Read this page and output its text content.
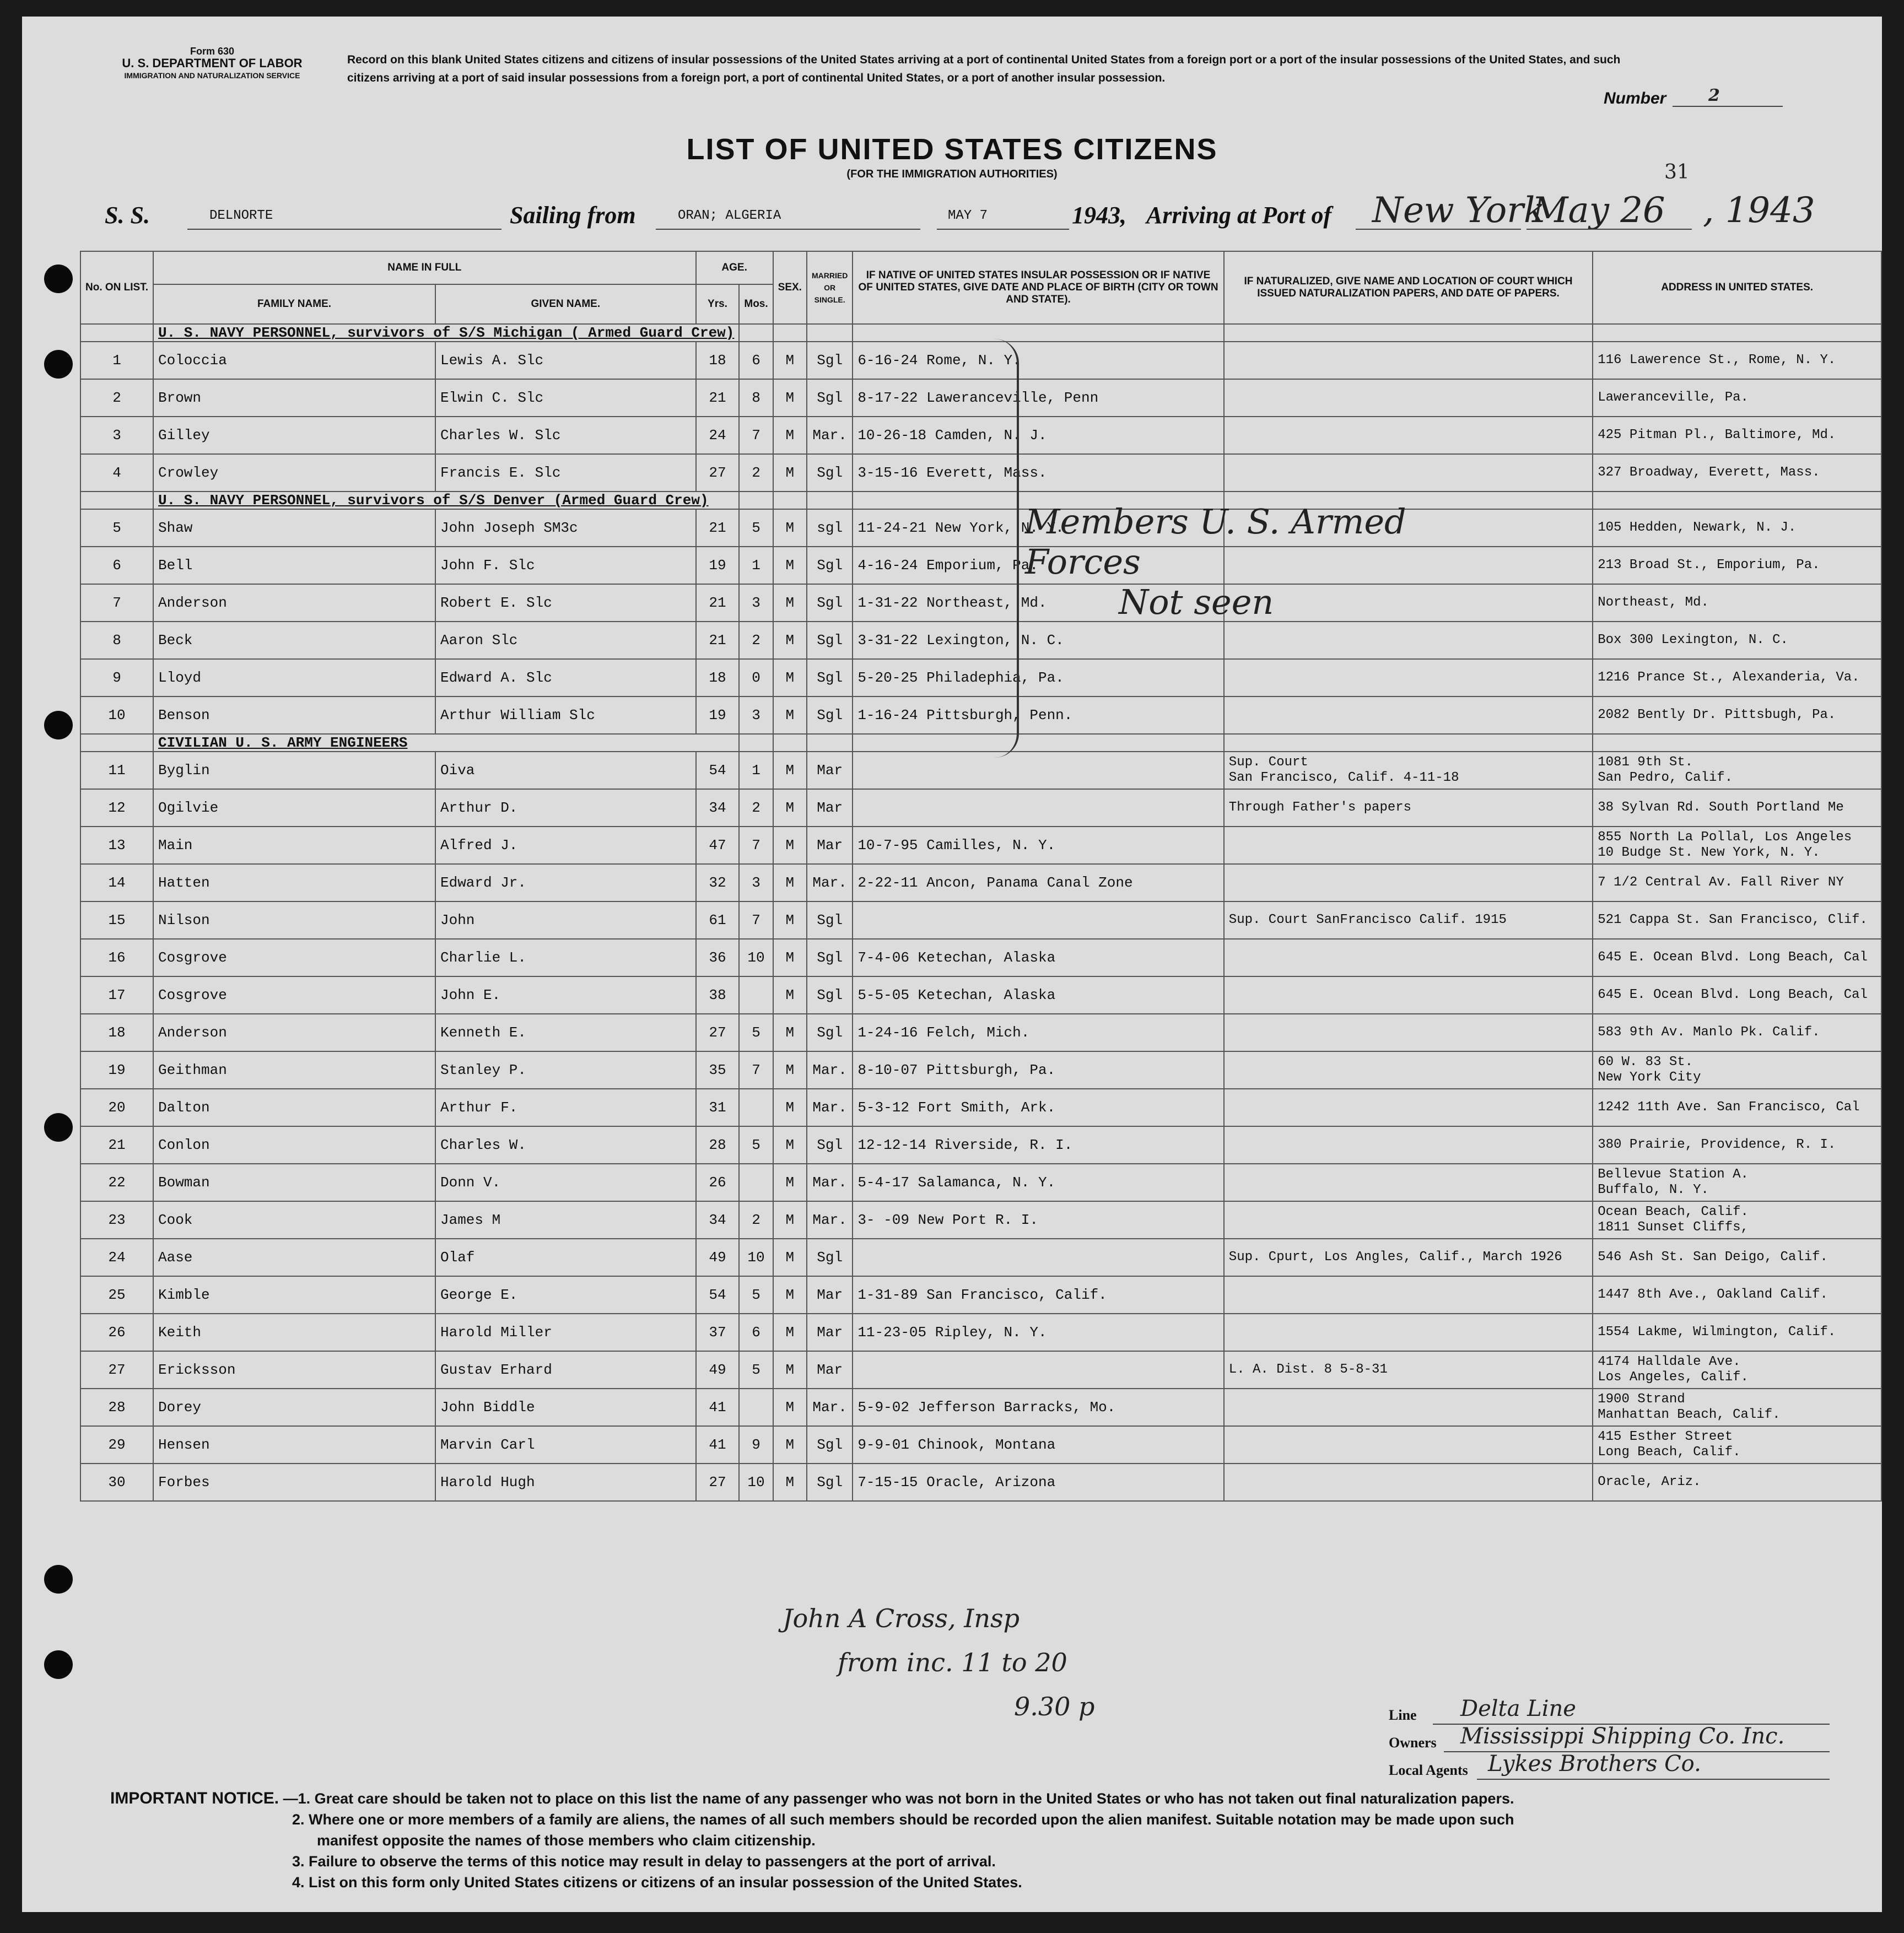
Form 630
U. S. DEPARTMENT OF LABOR
IMMIGRATION AND NATURALIZATION SERVICE
Record on this blank United States citizens and citizens of insular possessions of the United States arriving at a port of continental United States from a foreign port or a port of the insular possessions of the United States, and such citizens arriving at a port of said insular possessions from a foreign port, a port of continental United States, or a port of another insular possession.
Number	2
LIST OF UNITED STATES CITIZENS
(FOR THE IMMIGRATION AUTHORITIES)
S. S.	DELNORTE	Sailing from	ORAN; ALGERIA	MAY 7	1943, Arriving at Port of New York
May 26
31
, 1943
No. ON LIST.	NAME IN FULL		AGE.		SEX.	MARRIED OR SINGLE.	IF NATIVE OF UNITED STATES INSULAR POSSESSION OR IF NATIVE OF UNITED STATES, GIVE DATE AND PLACE OF BIRTH (CITY OR TOWN AND STATE).	IF NATURALIZED, GIVE NAME AND LOCATION OF COURT WHICH ISSUED NATURALIZATION PAPERS, AND DATE OF PAPERS.	ADDRESS IN UNITED STATES.
	FAMILY NAME.	GIVEN NAME.	Yrs.	Mos.					
	U. S. NAVY PERSONNEL, survivors of S/S Michigan ( Armed Guard Crew)								
1	Coloccia	Lewis A. Slc	18	6	M	Sgl	6-16-24 Rome, N. Y.		116 Lawerence St., Rome, N. Y.
2	Brown	Elwin C. Slc	21	8	M	Sgl	8-17-22 Laweranceville, Penn		Laweranceville, Pa.
3	Gilley	Charles W. Slc	24	7	M	Mar.	10-26-18 Camden, N. J.		425 Pitman Pl., Baltimore, Md.
4	Crowley	Francis E. Slc	27	2	M	Sgl	3-15-16 Everett, Mass.		327 Broadway, Everett, Mass.
	U. S. NAVY PERSONNEL, survivors of S/S Denver (Armed Guard Crew)								
5	Shaw	John Joseph SM3c	21	5	M	sgl	11-24-21 New York, N. Y.		105 Hedden, Newark, N. J.
6	Bell	John F. Slc	19	1	M	Sgl	4-16-24 Emporium, Pa.		213 Broad St., Emporium, Pa.
7	Anderson	Robert E. Slc	21	3	M	Sgl	1-31-22 Northeast, Md.		Northeast, Md.
8	Beck	Aaron Slc	21	2	M	Sgl	3-31-22 Lexington, N. C.		Box 300 Lexington, N. C.
9	Lloyd	Edward A. Slc	18	0	M	Sgl	5-20-25 Philadephia, Pa.		1216 Prance St., Alexanderia, Va.
10	Benson	Arthur William Slc	19	3	M	Sgl	1-16-24 Pittsburgh, Penn.		2082 Bently Dr. Pittsbugh, Pa.
	CIVILIAN U. S. ARMY ENGINEERS								
11	Byglin	Oiva	54	1	M	Mar		Sup. Court
San Francisco, Calif. 4-11-18	1081 9th St.
San Pedro, Calif.
12	Ogilvie	Arthur D.	34	2	M	Mar		Through Father's papers	38 Sylvan Rd. South Portland Me
13	Main	Alfred J.	47	7	M	Mar	10-7-95 Camilles, N. Y.		855 North La Pollal, Los Angeles
10 Budge St. New York, N. Y.
14	Hatten	Edward Jr.	32	3	M	Mar.	2-22-11 Ancon, Panama Canal Zone		7 1/2 Central Av. Fall River NY
15	Nilson	John	61	7	M	Sgl		Sup. Court SanFrancisco Calif. 1915	521 Cappa St. San Francisco, Clif.
16	Cosgrove	Charlie L.	36	10	M	Sgl	7-4-06 Ketechan, Alaska		645 E. Ocean Blvd. Long Beach, Cal
17	Cosgrove	John E.	38		M	Sgl	5-5-05 Ketechan, Alaska		645 E. Ocean Blvd. Long Beach, Cal
18	Anderson	Kenneth E.	27	5	M	Sgl	1-24-16 Felch, Mich.		583 9th Av. Manlo Pk. Calif.
19	Geithman	Stanley P.	35	7	M	Mar.	8-10-07 Pittsburgh, Pa.		60 W. 83 St.
New York City
20	Dalton	Arthur F.	31		M	Mar.	5-3-12 Fort Smith, Ark.		1242 11th Ave. San Francisco, Cal
21	Conlon	Charles W.	28	5	M	Sgl	12-12-14 Riverside, R. I.		380 Prairie, Providence, R. I.
22	Bowman	Donn V.	26		M	Mar.	5-4-17 Salamanca, N. Y.		Bellevue Station A.
Buffalo, N. Y.
23	Cook	James M	34	2	M	Mar.	3- -09 New Port R. I.		Ocean Beach, Calif.
1811 Sunset Cliffs,
24	Aase	Olaf	49	10	M	Sgl		Sup. Cpurt, Los Angles, Calif., March 1926	546 Ash St. San Deigo, Calif.
25	Kimble	George E.	54	5	M	Mar	1-31-89 San Francisco, Calif.		1447 8th Ave., Oakland Calif.
26	Keith	Harold Miller	37	6	M	Mar	11-23-05 Ripley, N. Y.		1554 Lakme, Wilmington, Calif.
27	Ericksson	Gustav Erhard	49	5	M	Mar		L. A. Dist. 8 5-8-31	4174 Halldale Ave.
Los Angeles, Calif.
28	Dorey	John Biddle	41		M	Mar.	5-9-02 Jefferson Barracks, Mo.		1900 Strand
Manhattan Beach, Calif.
29	Hensen	Marvin Carl	41	9	M	Sgl	9-9-01 Chinook, Montana		415 Esther Street
Long Beach, Calif.
30	Forbes	Harold Hugh	27	10	M	Sgl	7-15-15 Oracle, Arizona		Oracle, Ariz.
Members U. S. Armed Forces
Not seen
John A Cross, Insp
from inc. 11 to 20
9.30 p	Line Delta Line
Owners Mississippi Shipping Co. Inc.
Local Agents Lykes Brothers Co.
IMPORTANT NOTICE. —1. Great care should be taken not to place on this list the name of any passenger who was not born in the United States or who has not taken out final naturalization papers.
2. Where one or more members of a family are aliens, the names of all such members should be recorded upon the alien manifest. Suitable notation may be made upon such
manifest opposite the names of those members who claim citizenship.
3. Failure to observe the terms of this notice may result in delay to passengers at the port of arrival.
4. List on this form only United States citizens or citizens of an insular possession of the United States.
